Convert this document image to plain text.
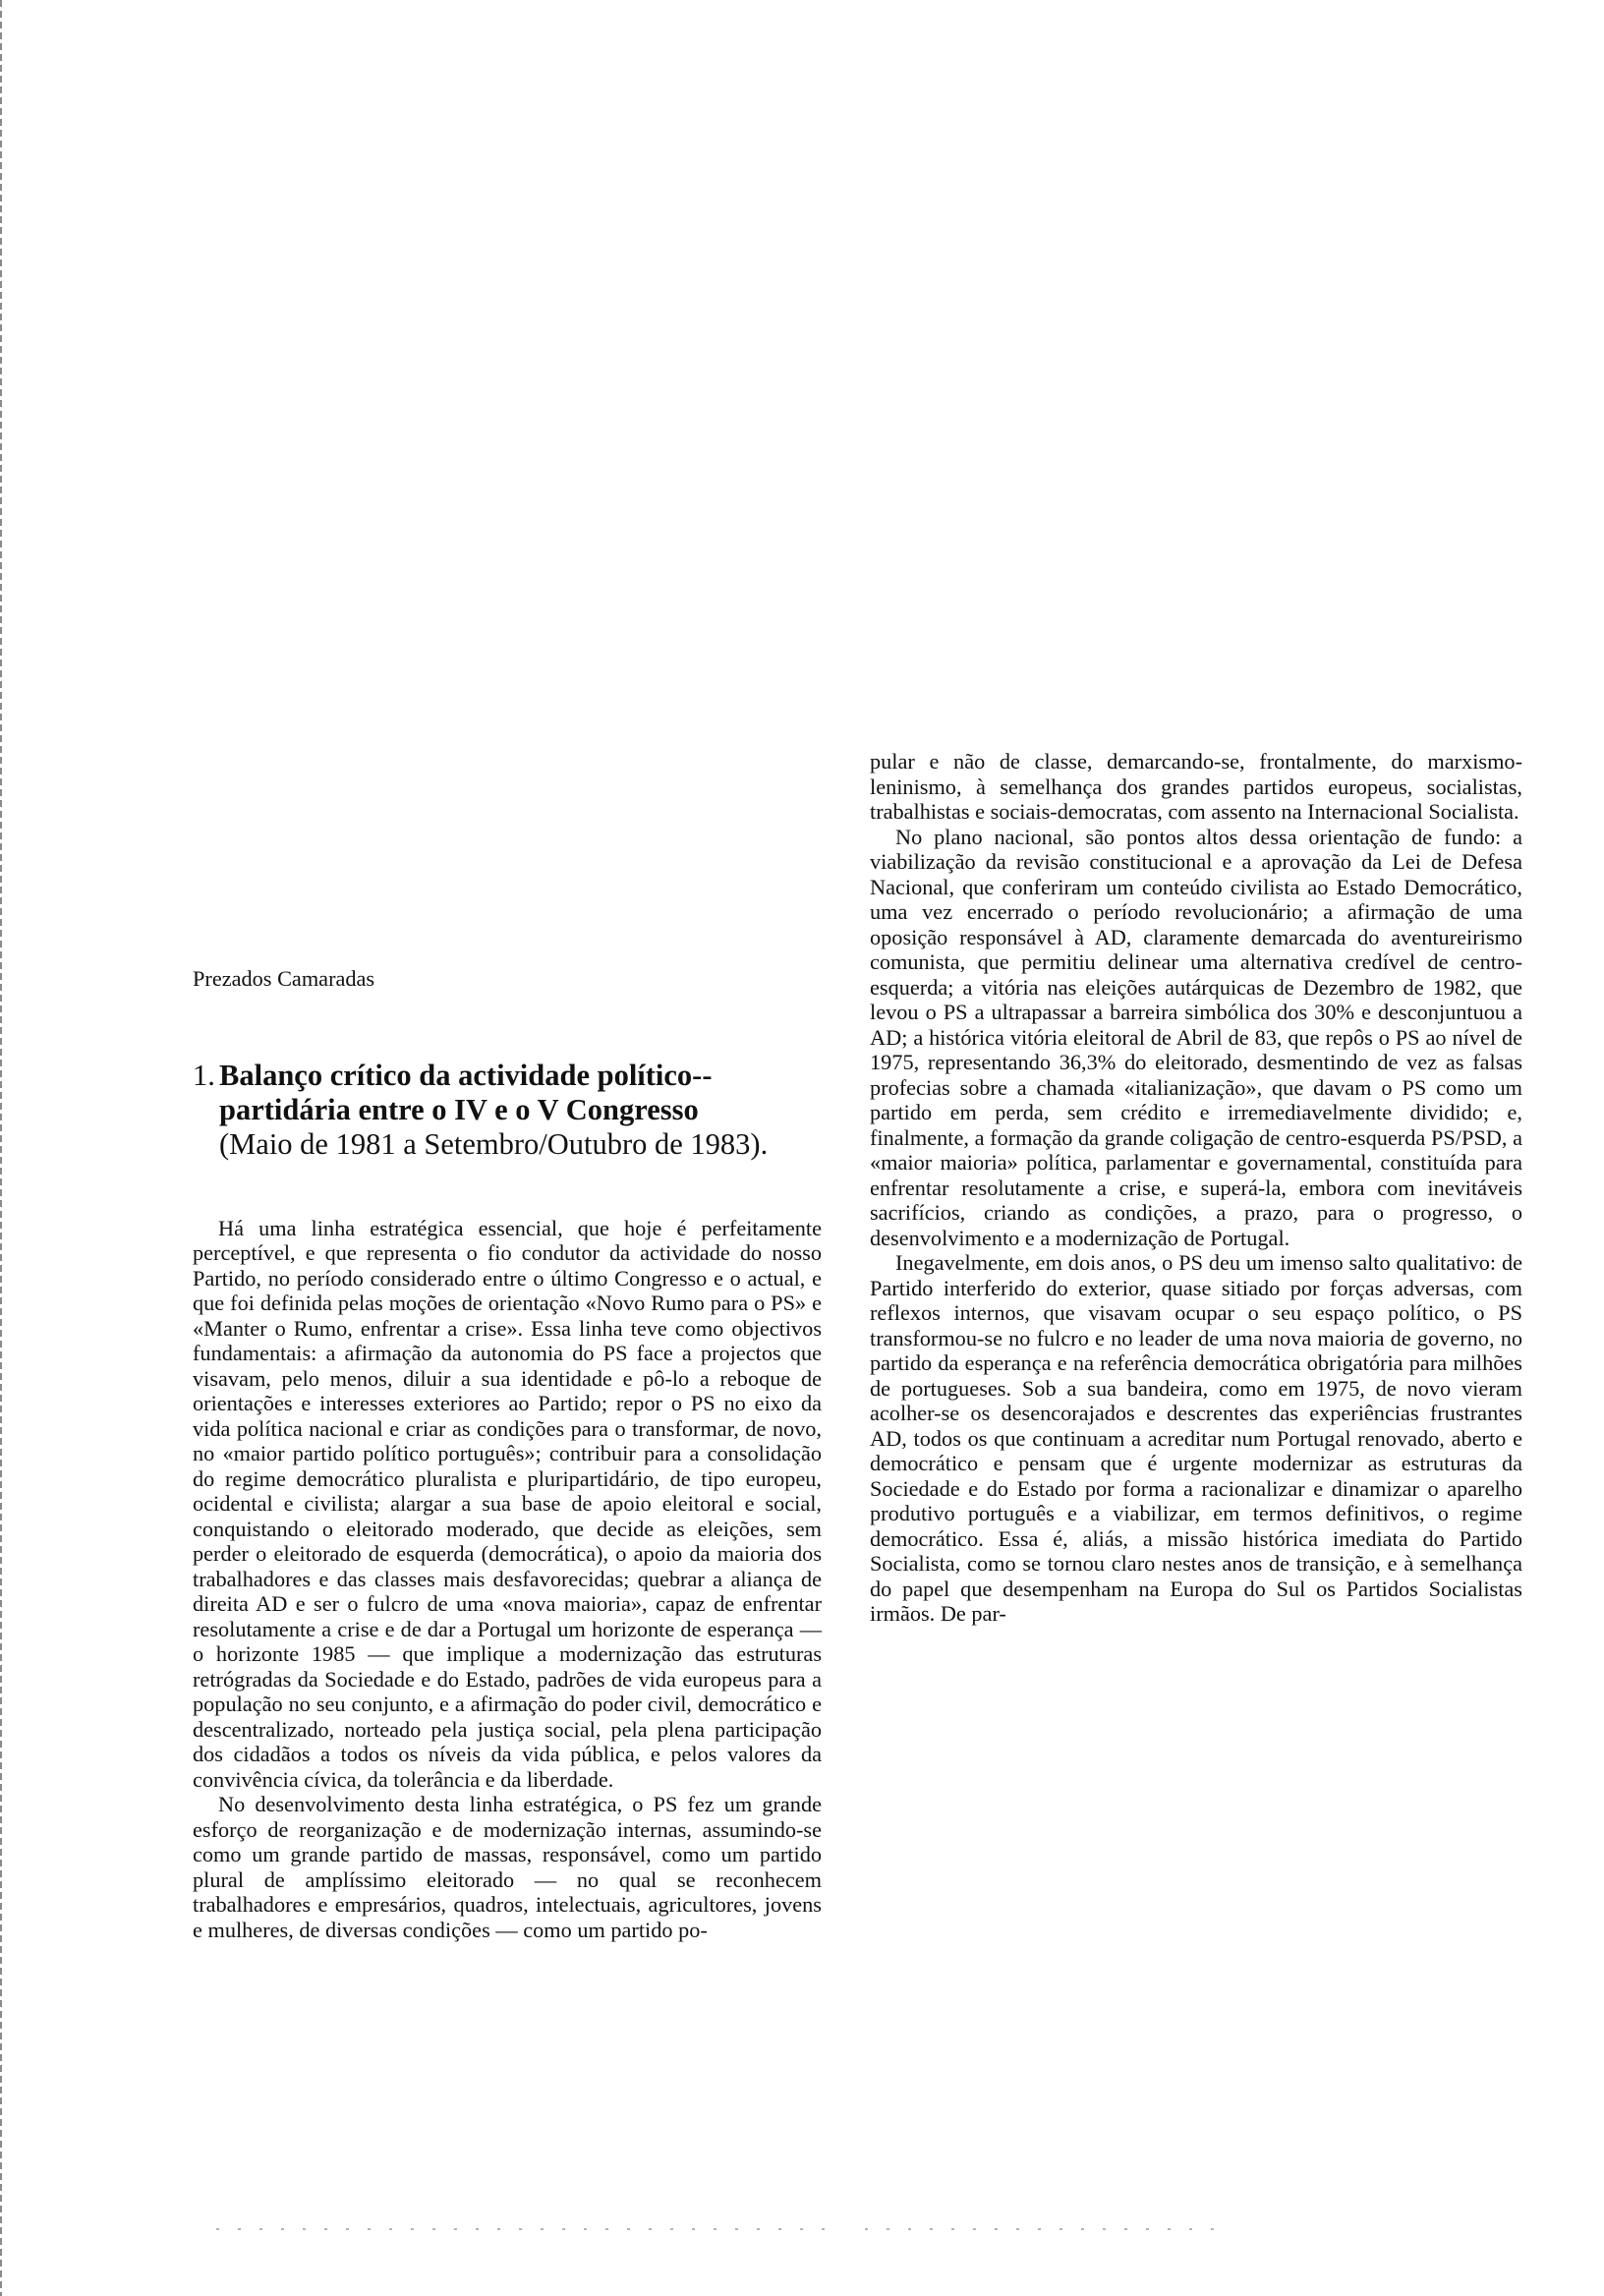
Prezados Camaradas
1. Balanço crítico da actividade político--partidária entre o IV e o V Congresso
(Maio de 1981 a Setembro/Outubro de 1983).

Há uma linha estratégica essencial, que hoje é perfeitamente perceptível, e que representa o fio condutor da actividade do nosso Partido, no período considerado entre o último Congresso e o actual, e que foi definida pelas moções de orientação «Novo Rumo para o PS» e «Manter o Rumo, enfrentar a crise». Essa linha teve como objectivos fundamentais: a afirmação da autonomia do PS face a projectos que visavam, pelo menos, diluir a sua identidade e pô-lo a reboque de orientações e interesses exteriores ao Partido; repor o PS no eixo da vida política nacional e criar as condições para o transformar, de novo, no «maior partido político português»; contribuir para a consolidação do regime democrático pluralista e pluripartidário, de tipo europeu, ocidental e civilista; alargar a sua base de apoio eleitoral e social, conquistando o eleitorado moderado, que decide as eleições, sem perder o eleitorado de esquerda (democrática), o apoio da maioria dos trabalhadores e das classes mais desfavorecidas; quebrar a aliança de direita AD e ser o fulcro de uma «nova maioria», capaz de enfrentar resolutamente a crise e de dar a Portugal um horizonte de esperança — o horizonte 1985 — que implique a modernização das estruturas retrógradas da Sociedade e do Estado, padrões de vida europeus para a população no seu conjunto, e a afirmação do poder civil, democrático e descentralizado, norteado pela justiça social, pela plena participação dos cidadãos a todos os níveis da vida pública, e pelos valores da convivência cívica, da tolerância e da liberdade.

No desenvolvimento desta linha estratégica, o PS fez um grande esforço de reorganização e de modernização internas, assumindo-se como um grande partido de massas, responsável, como um partido plural de amplíssimo eleitorado — no qual se reconhecem trabalhadores e empresários, quadros, intelectuais, agricultores, jovens e mulheres, de diversas condições — como um partido po-

pular e não de classe, demarcando-se, frontalmente, do marxismo-leninismo, à semelhança dos grandes partidos europeus, socialistas, trabalhistas e sociais-democratas, com assento na Internacional Socialista.

No plano nacional, são pontos altos dessa orientação de fundo: a viabilização da revisão constitucional e a aprovação da Lei de Defesa Nacional, que conferiram um conteúdo civilista ao Estado Democrático, uma vez encerrado o período revolucionário; a afirmação de uma oposição responsável à AD, claramente demarcada do aventureirismo comunista, que permitiu delinear uma alternativa credível de centro-esquerda; a vitória nas eleições autárquicas de Dezembro de 1982, que levou o PS a ultrapassar a barreira simbólica dos 30% e desconjuntuou a AD; a histórica vitória eleitoral de Abril de 83, que repôs o PS ao nível de 1975, representando 36,3% do eleitorado, desmentindo de vez as falsas profecias sobre a chamada «italianização», que davam o PS como um partido em perda, sem crédito e irremediavelmente dividido; e, finalmente, a formação da grande coligação de centro-esquerda PS/PSD, a «maior maioria» política, parlamentar e governamental, constituída para enfrentar resolutamente a crise, e superá-la, embora com inevitáveis sacrifícios, criando as condições, a prazo, para o progresso, o desenvolvimento e a modernização de Portugal.

Inegavelmente, em dois anos, o PS deu um imenso salto qualitativo: de Partido interferido do exterior, quase sitiado por forças adversas, com reflexos internos, que visavam ocupar o seu espaço político, o PS transformou-se no fulcro e no leader de uma nova maioria de governo, no partido da esperança e na referência democrática obrigatória para milhões de portugueses. Sob a sua bandeira, como em 1975, de novo vieram acolher-se os desencorajados e descrentes das experiências frustrantes AD, todos os que continuam a acreditar num Portugal renovado, aberto e democrático e pensam que é urgente modernizar as estruturas da Sociedade e do Estado por forma a racionalizar e dinamizar o aparelho produtivo português e a viabilizar, em termos definitivos, o regime democrático. Essa é, aliás, a missão histórica imediata do Partido Socialista, como se tornou claro nestes anos de transição, e à semelhança do papel que desempenham na Europa do Sul os Partidos Socialistas irmãos. De par-
